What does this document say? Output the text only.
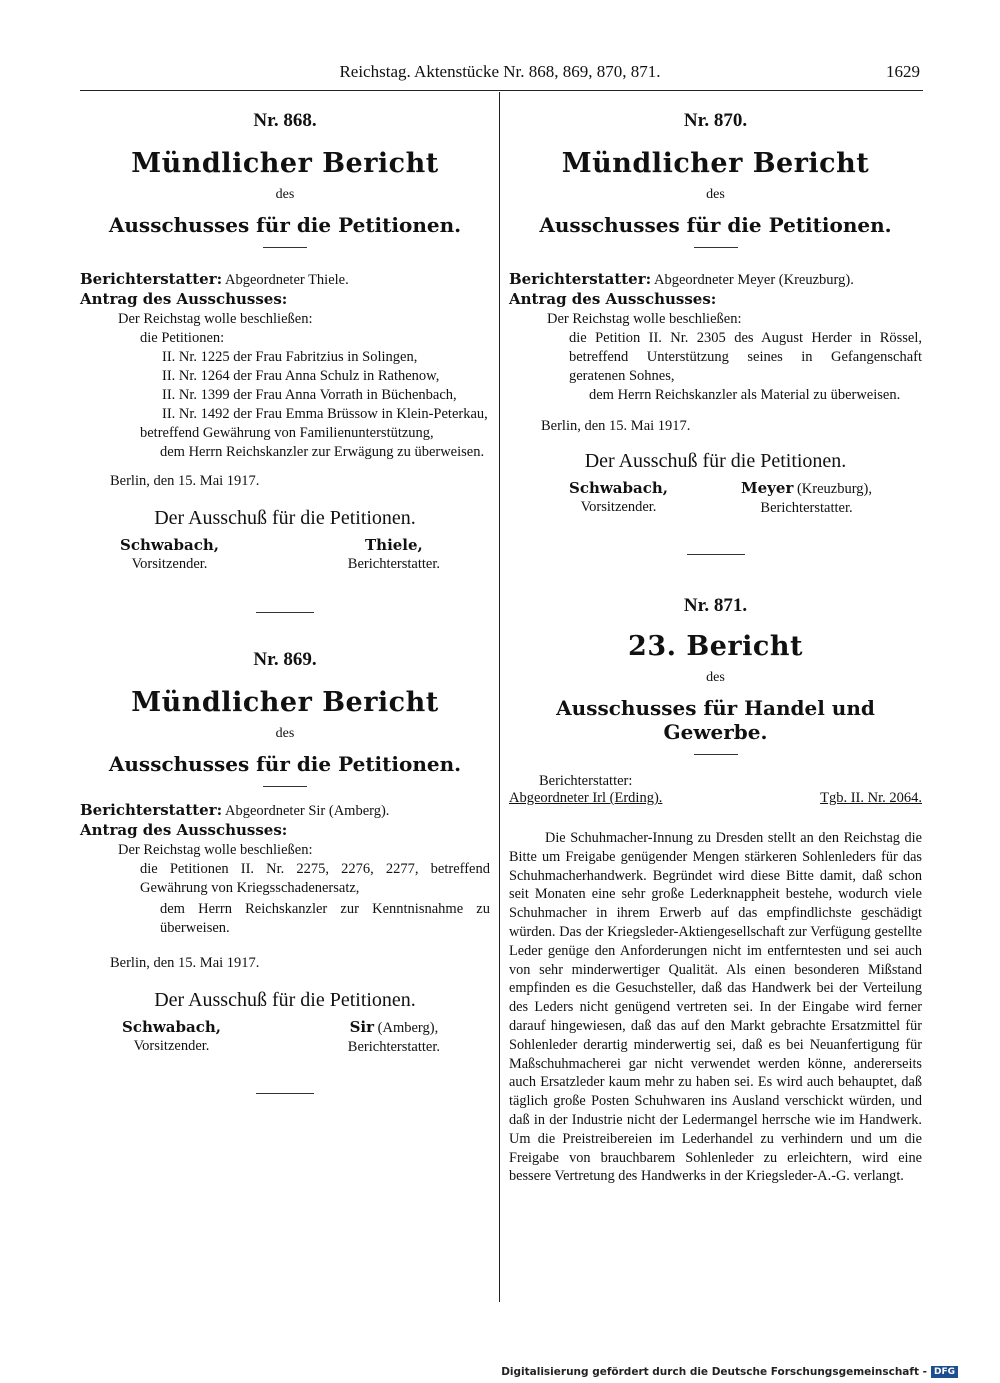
Reichstag. Aktenstücke Nr. 868, 869, 870, 871.	1629

Nr. 868.

Mündlicher Bericht

des

Ausschusses für die Petitionen.

Berichterstatter: Abgeordneter Thiele.

Antrag des Ausschusses:

Der Reichstag wolle beschließen:

die Petitionen:

II. Nr. 1225 der Frau Fabritzius in Solingen,

II. Nr. 1264 der Frau Anna Schulz in Rathenow,

II. Nr. 1399 der Frau Anna Vorrath in Büchenbach,

II. Nr. 1492 der Frau Emma Brüssow in Klein-Peterkau,

betreffend Gewährung von Familienunterstützung,

dem Herrn Reichskanzler zur Erwägung zu überweisen.

Berlin, den 15. Mai 1917.

Der Ausschuß für die Petitionen.

Schwabach,
Vorsitzender.
Thiele,
Berichterstatter.

Nr. 869.

Mündlicher Bericht

des

Ausschusses für die Petitionen.

Berichterstatter: Abgeordneter Sir (Amberg).

Antrag des Ausschusses:

Der Reichstag wolle beschließen:

die Petitionen II. Nr. 2275, 2276, 2277, betreffend Gewährung von Kriegsschadenersatz,

dem Herrn Reichskanzler zur Kenntnisnahme zu überweisen.

Berlin, den 15. Mai 1917.

Der Ausschuß für die Petitionen.

Schwabach,
Vorsitzender.
Sir (Amberg),
Berichterstatter.

Nr. 870.

Mündlicher Bericht

des

Ausschusses für die Petitionen.

Berichterstatter: Abgeordneter Meyer (Kreuzburg).

Antrag des Ausschusses:

Der Reichstag wolle beschließen:

die Petition II. Nr. 2305 des August Herder in Rössel, betreffend Unterstützung seines in Gefangenschaft geratenen Sohnes,

dem Herrn Reichskanzler als Material zu überweisen.

Berlin, den 15. Mai 1917.

Der Ausschuß für die Petitionen.

Schwabach,
Vorsitzender.
Meyer (Kreuzburg),
Berichterstatter.

Nr. 871.

23. Bericht

des

Ausschusses für Handel und Gewerbe.

Berichterstatter:
Abgeordneter Irl (Erding).	Tgb. II. Nr. 2064.

Die Schuhmacher-Innung zu Dresden stellt an den Reichstag die Bitte um Freigabe genügender Mengen stärkeren Sohlenleders für das Schuhmacherhandwerk. Begründet wird diese Bitte damit, daß schon seit Monaten eine sehr große Lederknappheit bestehe, wodurch viele Schuhmacher in ihrem Erwerb auf das empfindlichste geschädigt würden. Das der Kriegsleder-Aktiengesellschaft zur Verfügung gestellte Leder genüge den Anforderungen nicht im entferntesten und sei auch von sehr minderwertiger Qualität. Als einen besonderen Mißstand empfinden es die Gesuchsteller, daß das Handwerk bei der Verteilung des Leders nicht genügend vertreten sei. In der Eingabe wird ferner darauf hingewiesen, daß das auf den Markt gebrachte Ersatzmittel für Sohlenleder derartig minderwertig sei, daß es bei Neuanfertigung für Maßschuhmacherei gar nicht verwendet werden könne, andererseits auch Ersatzleder kaum mehr zu haben sei. Es wird auch behauptet, daß täglich große Posten Schuhwaren ins Ausland verschickt würden, und daß in der Industrie nicht der Ledermangel herrsche wie im Handwerk. Um die Preistreibereien im Lederhandel zu verhindern und um die Freigabe von brauchbarem Sohlenleder zu erleichtern, wird eine bessere Vertretung des Handwerks in der Kriegsleder-A.-G. verlangt.

Digitalisierung gefördert durch die Deutsche Forschungsgemeinschaft - DFG
